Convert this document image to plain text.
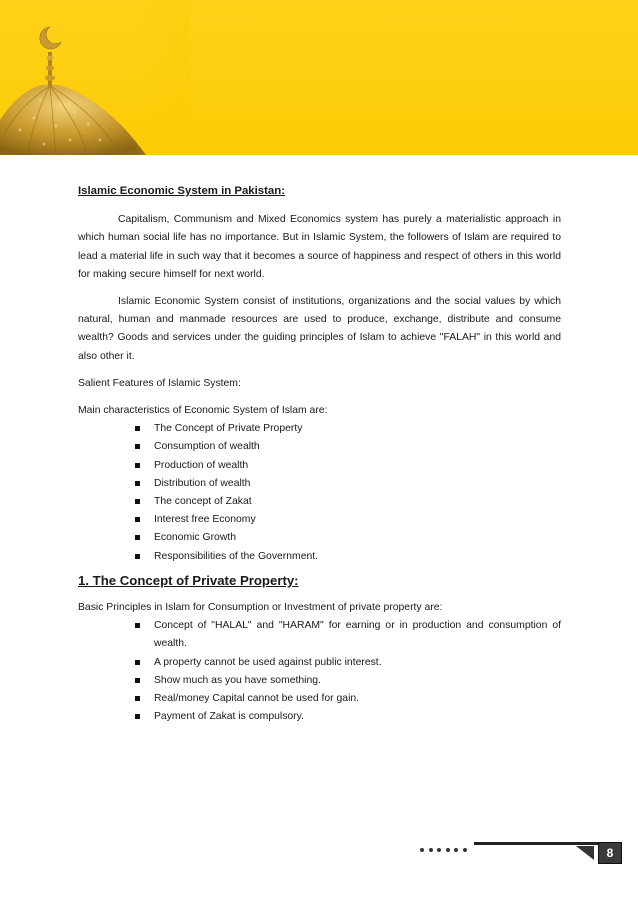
Islamic Economic System in Pakistan:

Capitalism, Communism and Mixed Economics system has purely a materialistic approach in which human social life has no importance. But in Islamic System, the followers of Islam are required to lead a material life in such way that it becomes a source of happiness and respect of others in this world for making secure himself for next world.

Islamic Economic System consist of institutions, organizations and the social values by which natural, human and manmade resources are used to produce, exchange, distribute and consume wealth? Goods and services under the guiding principles of Islam to achieve "FALAH" in this world and also other it.

Salient Features of Islamic System:

Main characteristics of Economic System of Islam are:

The Concept of Private Property
Consumption of wealth
Production of wealth
Distribution of wealth
The concept of Zakat
Interest free Economy
Economic Growth
Responsibilities of the Government.
1. The Concept of Private Property:

Basic Principles in Islam for Consumption or Investment of private property are:

Concept of "HALAL" and "HARAM" for earning or in production and consumption of wealth.
A property cannot be used against public interest.
Show much as you have something.
Real/money Capital cannot be used for gain.
Payment of Zakat is compulsory.
8
